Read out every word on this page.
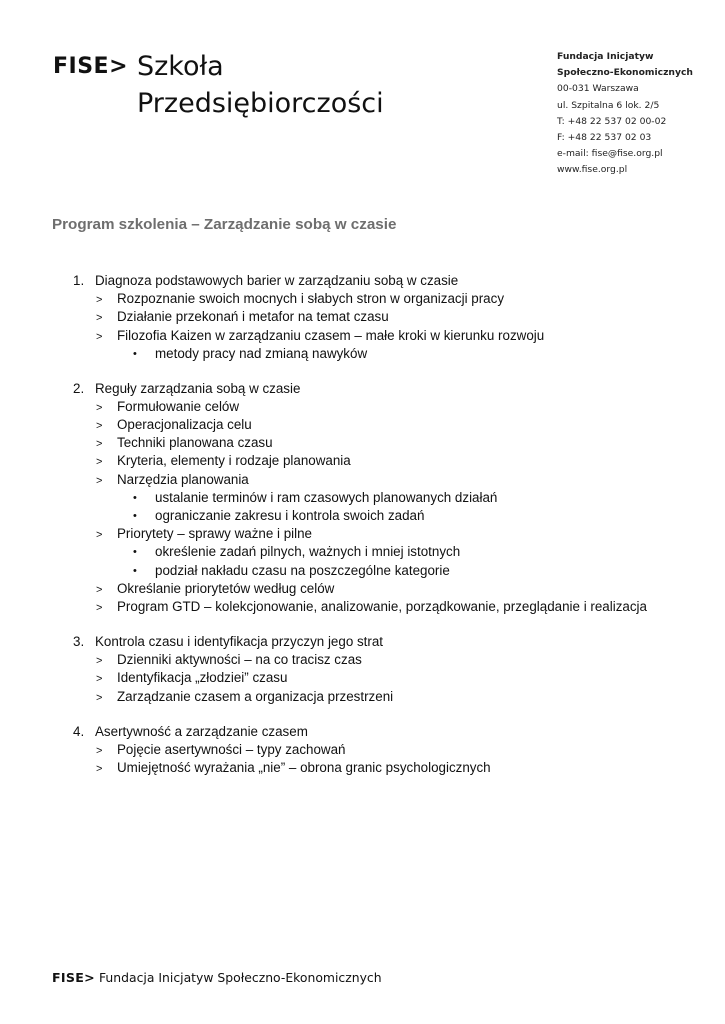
FISE> Szkoła
Przedsiębiorczości
Fundacja Inicjatyw
Społeczno-Ekonomicznych
00-031 Warszawa
ul. Szpitalna 6 lok. 2/5
T: +48 22 537 02 00-02
F: +48 22 537 02 03
e-mail: fise@fise.org.pl
www.fise.org.pl
Program szkolenia – Zarządzanie sobą w czasie
1. Diagnoza podstawowych barier w zarządzaniu sobą w czasie
> Rozpoznanie swoich mocnych i słabych stron w organizacji pracy
> Działanie przekonań i metafor na temat czasu
> Filozofia Kaizen w zarządzaniu czasem – małe kroki w kierunku rozwoju
• metody pracy nad zmianą nawyków
2. Reguły zarządzania sobą w czasie
> Formułowanie celów
> Operacjonalizacja celu
> Techniki planowana czasu
> Kryteria, elementy i rodzaje planowania
> Narzędzia planowania
• ustalanie terminów i ram czasowych planowanych działań
• ograniczanie zakresu i kontrola swoich zadań
> Priorytety – sprawy ważne i pilne
• określenie zadań pilnych, ważnych i mniej istotnych
• podział nakładu czasu na poszczególne kategorie
> Określanie priorytetów według celów
> Program GTD – kolekcjonowanie, analizowanie, porządkowanie, przeglądanie i realizacja
3. Kontrola czasu i identyfikacja przyczyn jego strat
> Dzienniki aktywności – na co tracisz czas
> Identyfikacja „złodziei” czasu
> Zarządzanie czasem a organizacja przestrzeni
4. Asertywność a zarządzanie czasem
> Pojęcie asertywności – typy zachowań
> Umiejętność wyrażania „nie” – obrona granic psychologicznych
FISE> Fundacja Inicjatyw Społeczno-Ekonomicznych
